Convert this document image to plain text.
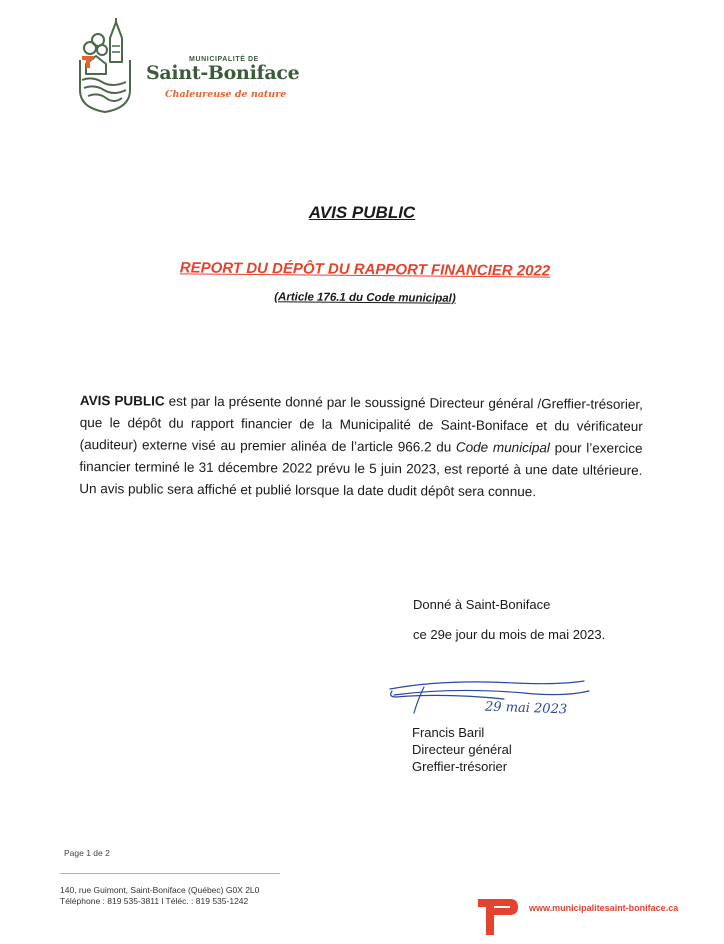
MUNICIPALITÉ DE
Saint-Boniface
Chaleureuse de nature
AVIS PUBLIC
REPORT DU DÉPÔT DU RAPPORT FINANCIER 2022
(Article 176.1 du Code municipal)
AVIS PUBLIC est par la présente donné par le soussigné Directeur général /Greffier-trésorier, que le dépôt du rapport financier de la Municipalité de Saint-Boniface et du vérificateur (auditeur) externe visé au premier alinéa de l’article 966.2 du Code municipal pour l’exercice financier terminé le 31 décembre 2022 prévu le 5 juin 2023, est reporté à une date ultérieure. Un avis public sera affiché et publié lorsque la date dudit dépôt sera connue.
Donné à Saint-Boniface
ce 29e jour du mois de mai 2023.
29 mai 2023
Francis Baril
Directeur général
Greffier-trésorier
Page 1 de 2
140, rue Guimont, Saint-Boniface (Québec) G0X 2L0
Téléphone : 819 535-3811 l Téléc. : 819 535-1242
www.municipalitesaint-boniface.ca
